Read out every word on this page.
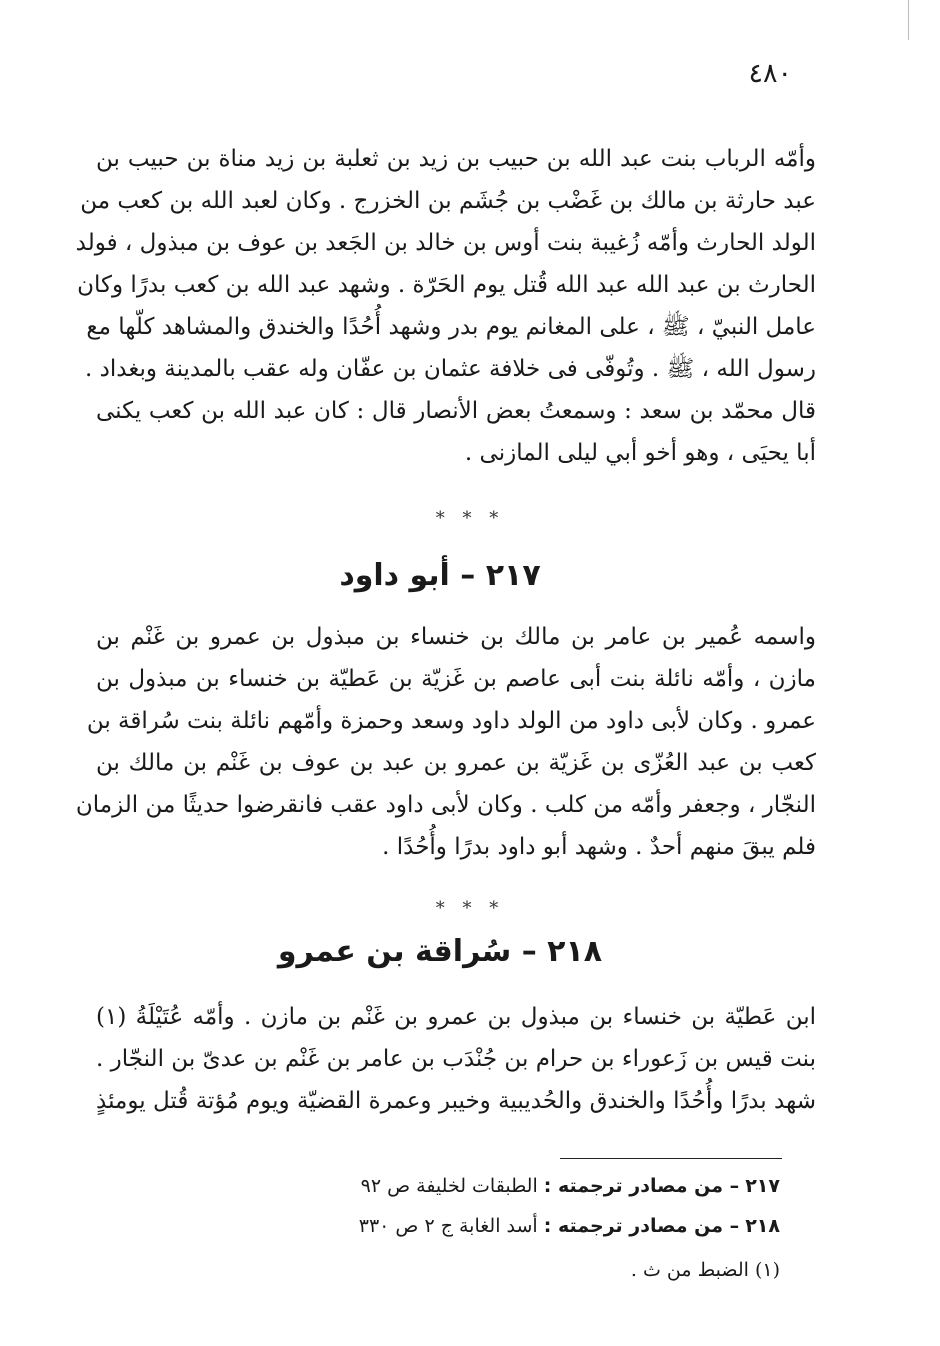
٤٨٠
وأمّه الرباب بنت عبد الله بن حبيب بن زيد بن ثعلبة بن زيد مناة بن حبيب بن
عبد حارثة بن مالك بن غَضْب بن جُشَم بن الخزرج . وكان لعبد الله بن كعب من
الولد الحارث وأمّه زُغيبة بنت أوس بن خالد بن الجَعد بن عوف بن مبذول ، فولد
الحارث بن عبد الله عبد الله قُتل يوم الحَرّة . وشهد عبد الله بن كعب بدرًا وكان
عامل النبيّ ، ﷺ ، على المغانم يوم بدر وشهد أُحُدًا والخندق والمشاهد كلّها مع
رسول الله ، ﷺ . وتُوفّى فى خلافة عثمان بن عفّان وله عقب بالمدينة وبغداد .
قال محمّد بن سعد : وسمعتُ بعض الأنصار قال : كان عبد الله بن كعب يكنى
أبا يحيَى ، وهو أخو أبي ليلى المازنى .
* * *
٢١٧ – أبو داود
واسمه عُمير بن عامر بن مالك بن خنساء بن مبذول بن عمرو بن غَنْم بن
مازن ، وأمّه نائلة بنت أبى عاصم بن غَزيّة بن عَطيّة بن خنساء بن مبذول بن
عمرو . وكان لأبى داود من الولد داود وسعد وحمزة وأمّهم نائلة بنت سُراقة بن
كعب بن عبد العُزّى بن غَزيّة بن عمرو بن عبد بن عوف بن غَنْم بن مالك بن
النجّار ، وجعفر وأمّه من كلب . وكان لأبى داود عقب فانقرضوا حديثًا من الزمان
فلم يبقَ منهم أحدٌ . وشهد أبو داود بدرًا وأُحُدًا .
* * *
٢١٨ – سُراقة بن عمرو
ابن عَطيّة بن خنساء بن مبذول بن عمرو بن غَنْم بن مازن . وأمّه عُتَيْلَةُ (١)
بنت قيس بن زَعوراء بن حرام بن جُنْدَب بن عامر بن غَنْم بن عدىّ بن النجّار .
شهد بدرًا وأُحُدًا والخندق والحُديبية وخيبر وعمرة القضيّة ويوم مُؤتة قُتل يومئذٍ
٢١٧ – من مصادر ترجمته : الطبقات لخليفة ص ٩٢
٢١٨ – من مصادر ترجمته : أسد الغابة ج ٢ ص ٣٣٠
(١) الضبط من ث .
